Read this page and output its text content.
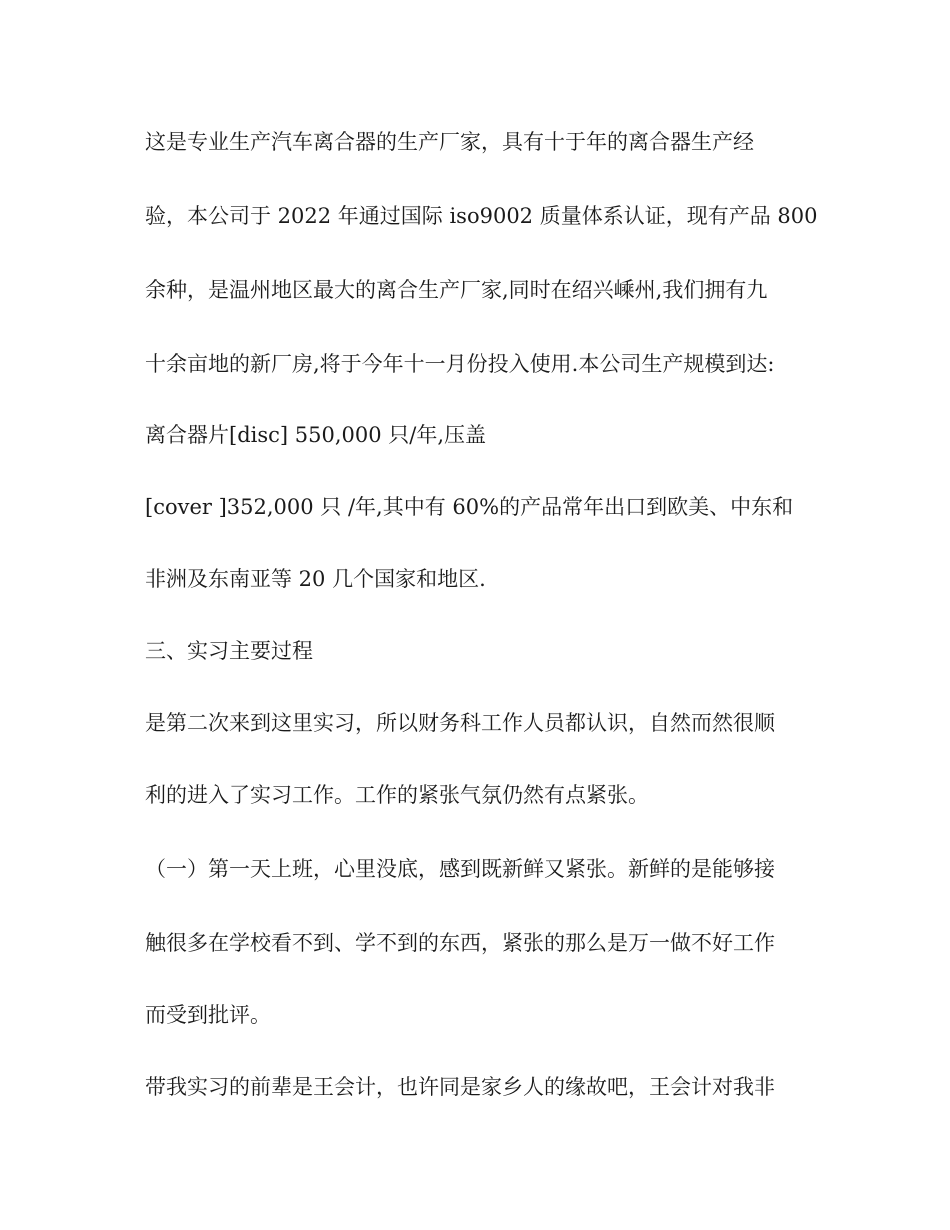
这是专业生产汽车离合器的生产厂家，具有十于年的离合器生产经

验，本公司于 2022 年通过国际 iso9002 质量体系认证，现有产品 800

余种，是温州地区最大的离合生产厂家,同时在绍兴嵊州,我们拥有九

十余亩地的新厂房,将于今年十一月份投入使用.本公司生产规模到达:

离合器片[disc] 550,000 只/年,压盖

[cover ]352,000 只 /年,其中有 60%的产品常年出口到欧美、中东和

非洲及东南亚等 20 几个国家和地区.

三、实习主要过程

是第二次来到这里实习，所以财务科工作人员都认识，自然而然很顺

利的进入了实习工作。工作的紧张气氛仍然有点紧张。

（一）第一天上班，心里没底，感到既新鲜又紧张。新鲜的是能够接

触很多在学校看不到、学不到的东西，紧张的那么是万一做不好工作

而受到批评。

带我实习的前辈是王会计，也许同是家乡人的缘故吧，王会计对我非
